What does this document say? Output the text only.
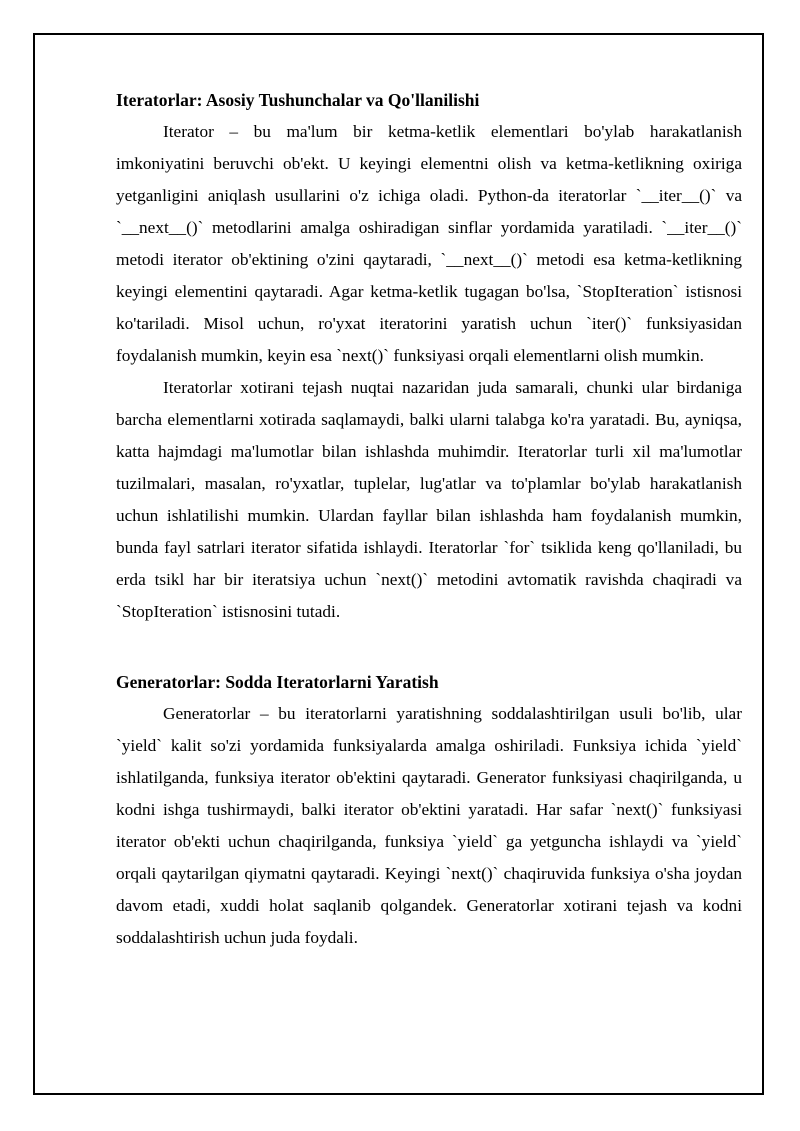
Iteratorlar: Asosiy Tushunchalar va Qo'llanilishi

Iterator – bu ma'lum bir ketma-ketlik elementlari bo'ylab harakatlanish imkoniyatini beruvchi ob'ekt. U keyingi elementni olish va ketma-ketlikning oxiriga yetganligini aniqlash usullarini o'z ichiga oladi. Python-da iteratorlar `__iter__()` va `__next__()` metodlarini amalga oshiradigan sinflar yordamida yaratiladi. `__iter__()` metodi iterator ob'ektining o'zini qaytaradi, `__next__()` metodi esa ketma-ketlikning keyingi elementini qaytaradi. Agar ketma-ketlik tugagan bo'lsa, `StopIteration` istisnosi ko'tariladi. Misol uchun, ro'yxat iteratorini yaratish uchun `iter()` funksiyasidan foydalanish mumkin, keyin esa `next()` funksiyasi orqali elementlarni olish mumkin.

Iteratorlar xotirani tejash nuqtai nazaridan juda samarali, chunki ular birdaniga barcha elementlarni xotirada saqlamaydi, balki ularni talabga ko'ra yaratadi. Bu, ayniqsa, katta hajmdagi ma'lumotlar bilan ishlashda muhimdir. Iteratorlar turli xil ma'lumotlar tuzilmalari, masalan, ro'yxatlar, tuplelar, lug'atlar va to'plamlar bo'ylab harakatlanish uchun ishlatilishi mumkin. Ulardan fayllar bilan ishlashda ham foydalanish mumkin, bunda fayl satrlari iterator sifatida ishlaydi. Iteratorlar `for` tsiklida keng qo'llaniladi, bu erda tsikl har bir iteratsiya uchun `next()` metodini avtomatik ravishda chaqiradi va `StopIteration` istisnosini tutadi.

Generatorlar: Sodda Iteratorlarni Yaratish

Generatorlar – bu iteratorlarni yaratishning soddalashtirilgan usuli bo'lib, ular `yield` kalit so'zi yordamida funksiyalarda amalga oshiriladi. Funksiya ichida `yield` ishlatilganda, funksiya iterator ob'ektini qaytaradi. Generator funksiyasi chaqirilganda, u kodni ishga tushirmaydi, balki iterator ob'ektini yaratadi. Har safar `next()` funksiyasi iterator ob'ekti uchun chaqirilganda, funksiya `yield` ga yetguncha ishlaydi va `yield` orqali qaytarilgan qiymatni qaytaradi. Keyingi `next()` chaqiruvida funksiya o'sha joydan davom etadi, xuddi holat saqlanib qolgandek. Generatorlar xotirani tejash va kodni soddalashtirish uchun juda foydali.
